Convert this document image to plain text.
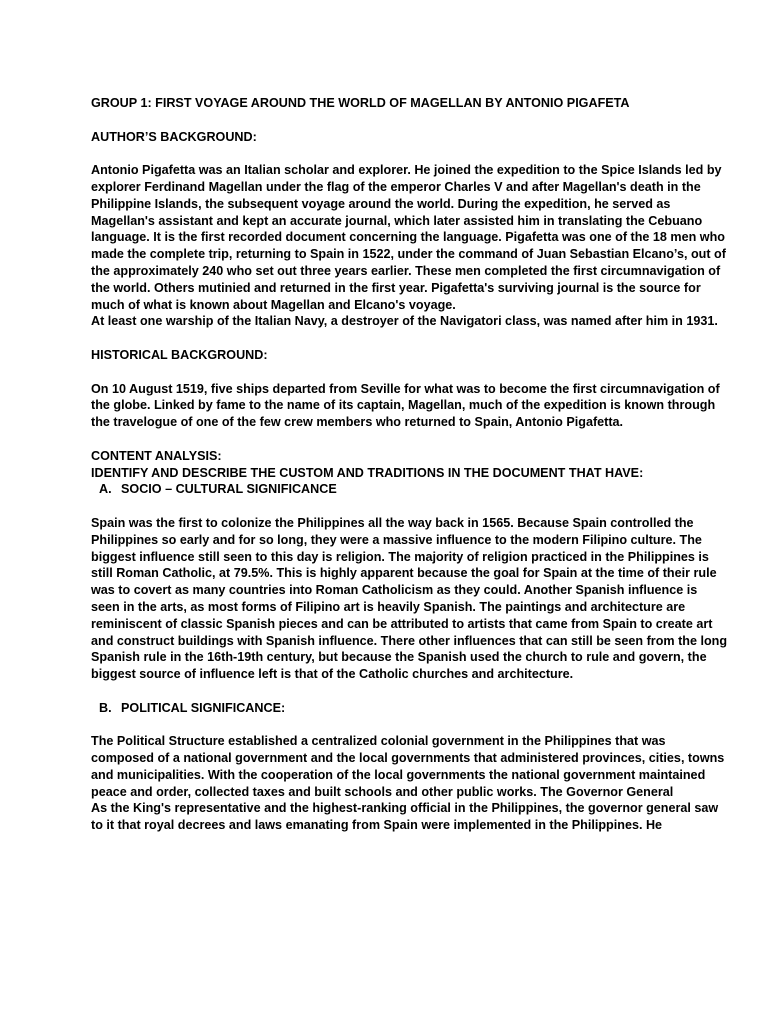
GROUP 1: FIRST VOYAGE AROUND THE WORLD OF MAGELLAN BY ANTONIO PIGAFETA

AUTHOR’S BACKGROUND:

Antonio Pigafetta was an Italian scholar and explorer. He joined the expedition to the Spice Islands led by explorer Ferdinand Magellan under the flag of the emperor Charles V and after Magellan's death in the Philippine Islands, the subsequent voyage around the world. During the expedition, he served as Magellan's assistant and kept an accurate journal, which later assisted him in translating the Cebuano language. It is the first recorded document concerning the language. Pigafetta was one of the 18 men who made the complete trip, returning to Spain in 1522, under the command of Juan Sebastian Elcano’s, out of the approximately 240 who set out three years earlier. These men completed the first circumnavigation of the world. Others mutinied and returned in the first year. Pigafetta's surviving journal is the source for much of what is known about Magellan and Elcano's voyage.

At least one warship of the Italian Navy, a destroyer of the Navigatori class, was named after him in 1931.

HISTORICAL BACKGROUND:

On 10 August 1519, five ships departed from Seville for what was to become the first circumnavigation of the globe. Linked by fame to the name of its captain, Magellan, much of the expedition is known through the travelogue of one of the few crew members who returned to Spain, Antonio Pigafetta.

CONTENT ANALYSIS:

IDENTIFY AND DESCRIBE THE CUSTOM AND TRADITIONS IN THE DOCUMENT THAT HAVE:

A. SOCIO – CULTURAL SIGNIFICANCE

Spain was the first to colonize the Philippines all the way back in 1565. Because Spain controlled the Philippines so early and for so long, they were a massive influence to the modern Filipino culture. The biggest influence still seen to this day is religion. The majority of religion practiced in the Philippines is still Roman Catholic, at 79.5%. This is highly apparent because the goal for Spain at the time of their rule was to covert as many countries into Roman Catholicism as they could. Another Spanish influence is seen in the arts, as most forms of Filipino art is heavily Spanish. The paintings and architecture are reminiscent of classic Spanish pieces and can be attributed to artists that came from Spain to create art and construct buildings with Spanish influence. There other influences that can still be seen from the long Spanish rule in the 16th-19th century, but because the Spanish used the church to rule and govern, the biggest source of influence left is that of the Catholic churches and architecture.

B. POLITICAL SIGNIFICANCE:

The Political Structure established a centralized colonial government in the Philippines that was composed of a national government and the local governments that administered provinces, cities, towns and municipalities. With the cooperation of the local governments the national government maintained peace and order, collected taxes and built schools and other public works. The Governor General

As the King's representative and the highest-ranking official in the Philippines, the governor general saw to it that royal decrees and laws emanating from Spain were implemented in the Philippines. He
